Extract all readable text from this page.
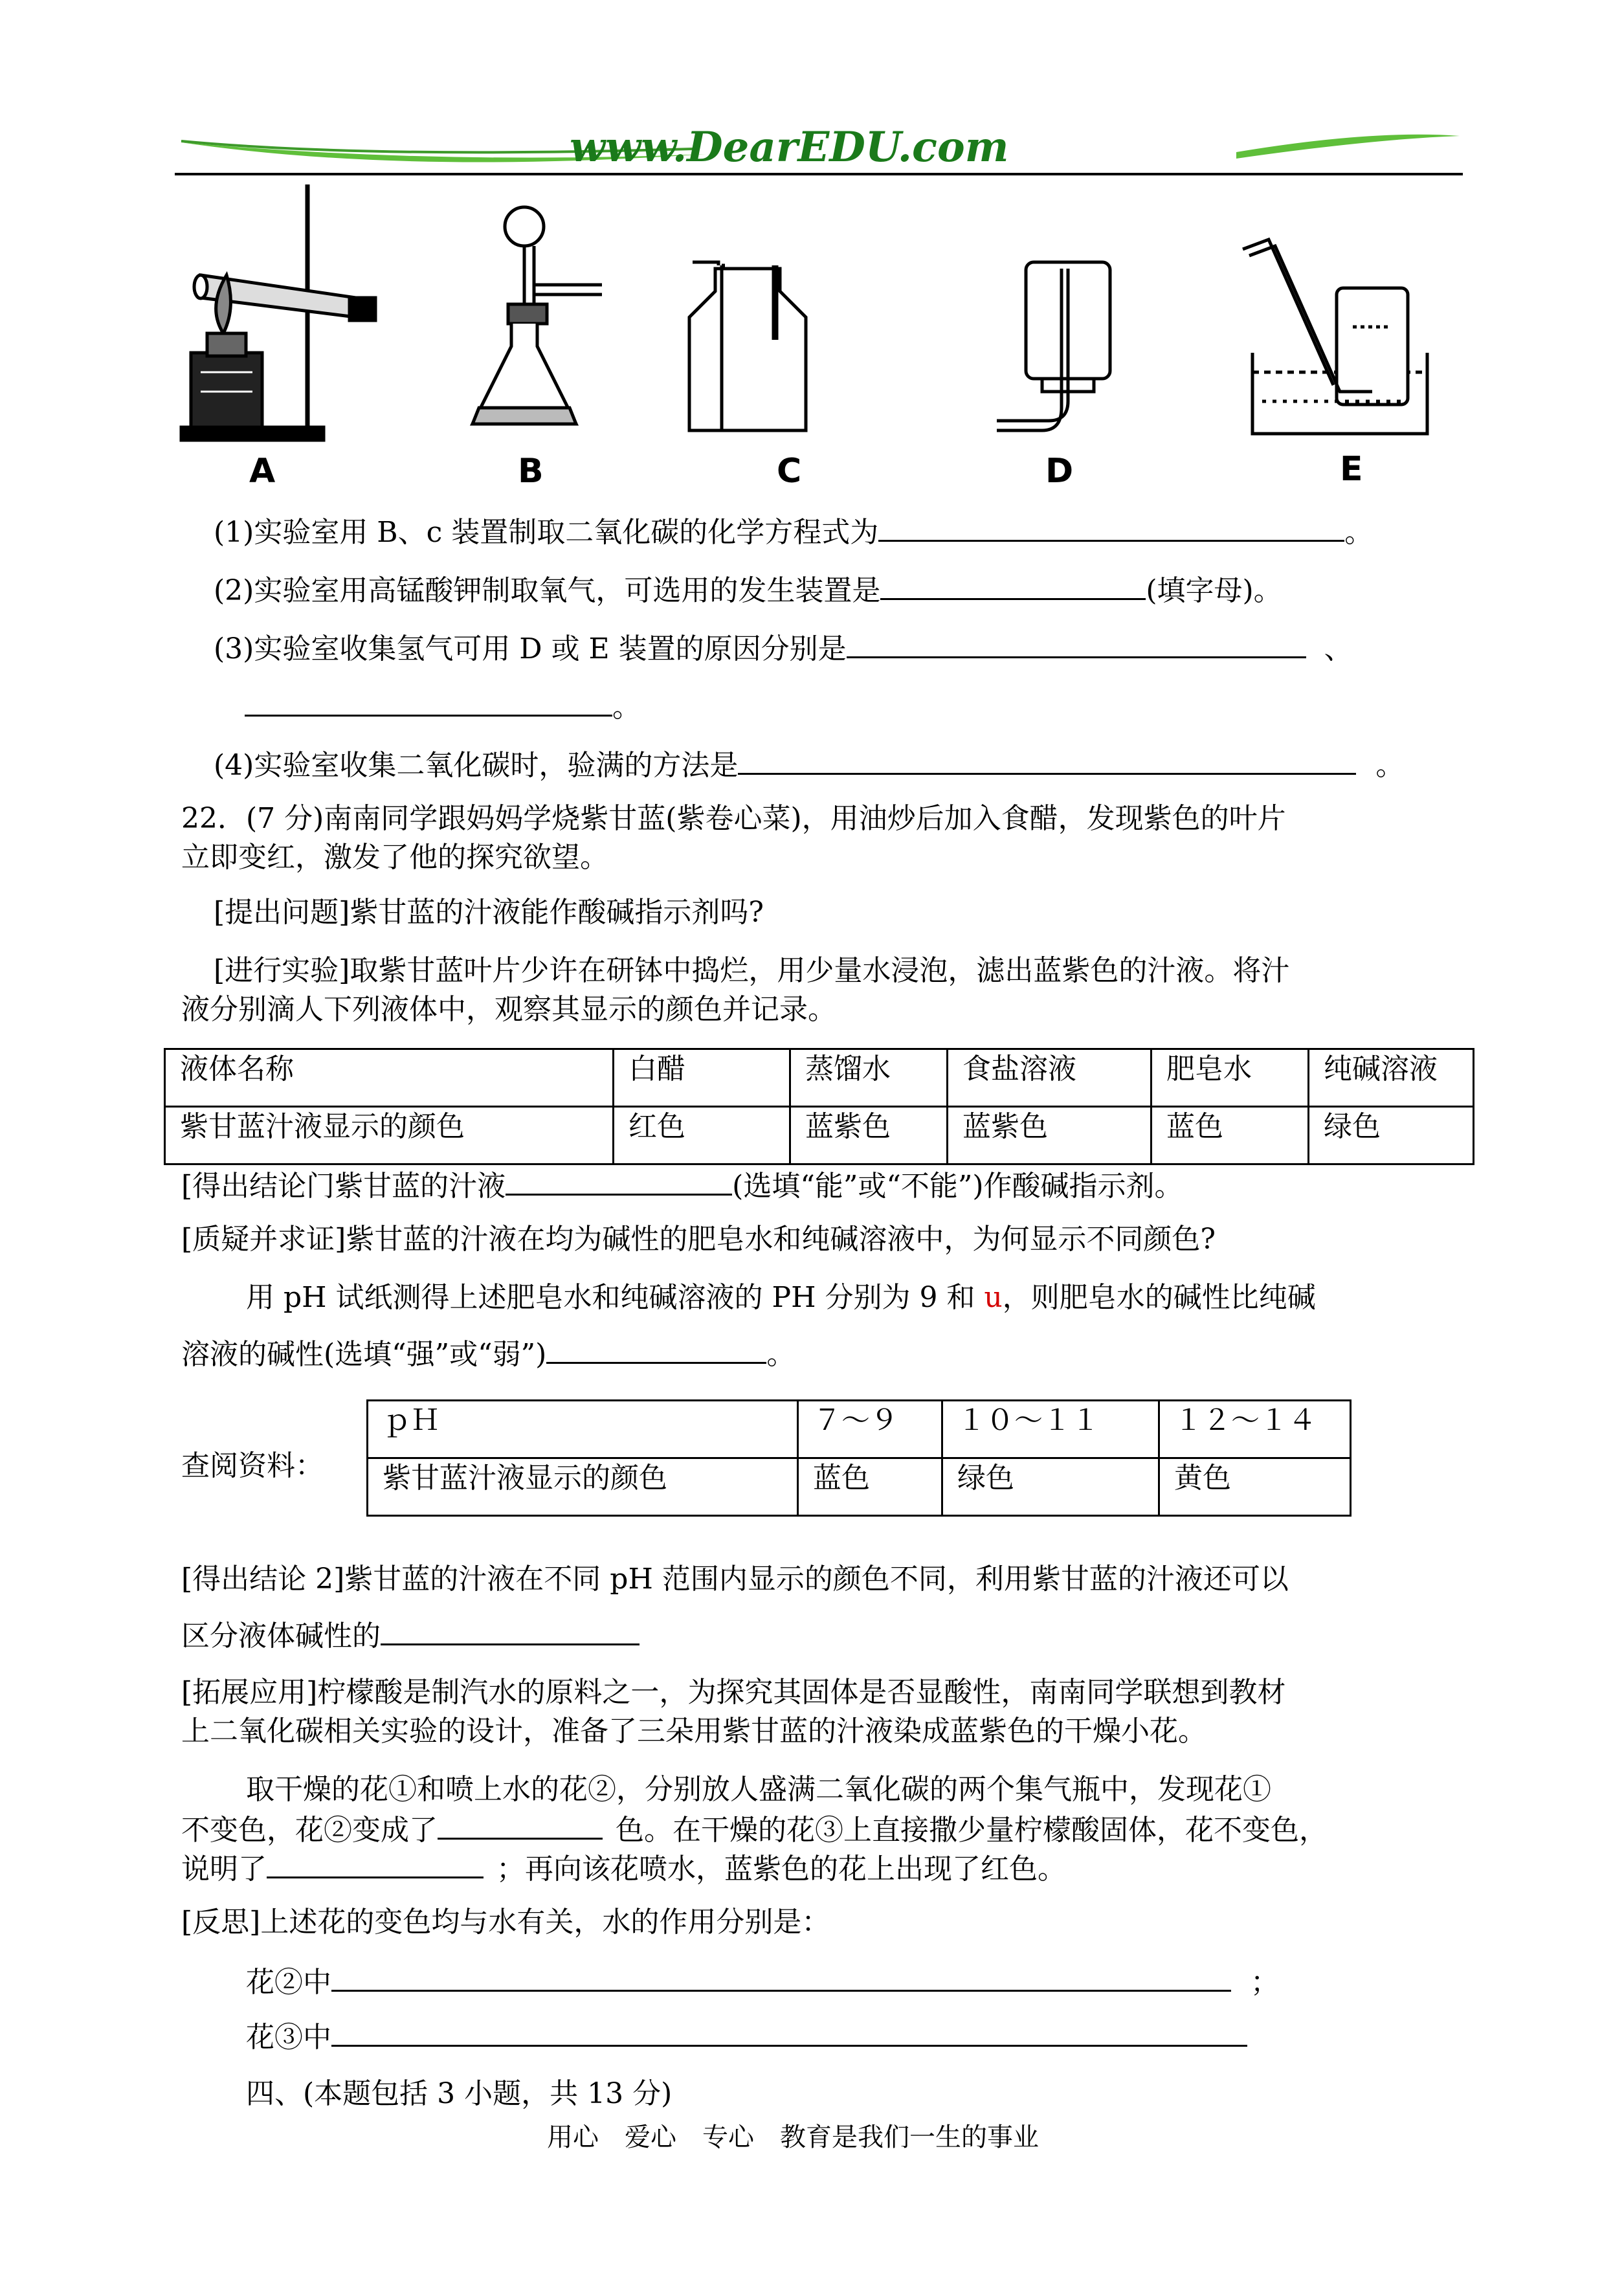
www.DearEDU.com
A	B	C	D	E
(1)实验室用 B、c 装置制取二氧化碳的化学方程式为	。
(2)实验室用高锰酸钾制取氧气，可选用的发生装置是	(填字母)。
(3)实验室收集氢气可用 D 或 E 装置的原因分别是	、
。
(4)实验室收集二氧化碳时，验满的方法是	。
22．(7 分)南南同学跟妈妈学烧紫甘蓝(紫卷心菜)，用油炒后加入食醋，发现紫色的叶片
立即变红，激发了他的探究欲望。
[提出问题]紫甘蓝的汁液能作酸碱指示剂吗?
[进行实验]取紫甘蓝叶片少许在研钵中捣烂，用少量水浸泡，滤出蓝紫色的汁液。将汁
液分别滴人下列液体中，观察其显示的颜色并记录。
液体名称	白醋	蒸馏水	食盐溶液	肥皂水	纯碱溶液
紫甘蓝汁液显示的颜色	红色	蓝紫色	蓝紫色	蓝色	绿色
[得出结论门紫甘蓝的汁液	(选填“能”或“不能”)作酸碱指示剂。
[质疑并求证]紫甘蓝的汁液在均为碱性的肥皂水和纯碱溶液中，为何显示不同颜色?
用 pH 试纸测得上述肥皂水和纯碱溶液的 PH 分别为 9 和 u，则肥皂水的碱性比纯碱
溶液的碱性(选填“强”或“弱”)	。
查阅资料：
ｐＨ	７～９	１０～１１	１２～１４
紫甘蓝汁液显示的颜色	蓝色	绿色	黄色
[得出结论 2]紫甘蓝的汁液在不同 pH 范围内显示的颜色不同，利用紫甘蓝的汁液还可以
区分液体碱性的
[拓展应用]柠檬酸是制汽水的原料之一，为探究其固体是否显酸性，南南同学联想到教材
上二氧化碳相关实验的设计，准备了三朵用紫甘蓝的汁液染成蓝紫色的干燥小花。
取干燥的花①和喷上水的花②，分别放人盛满二氧化碳的两个集气瓶中，发现花①
不变色，花②变成了	色。在干燥的花③上直接撒少量柠檬酸固体，花不变色，
说明了	；再向该花喷水，蓝紫色的花上出现了红色。
[反思]上述花的变色均与水有关，水的作用分别是：
花②中	；
花③中
四、(本题包括 3 小题，共 13 分)
用心　爱心　专心　教育是我们一生的事业
